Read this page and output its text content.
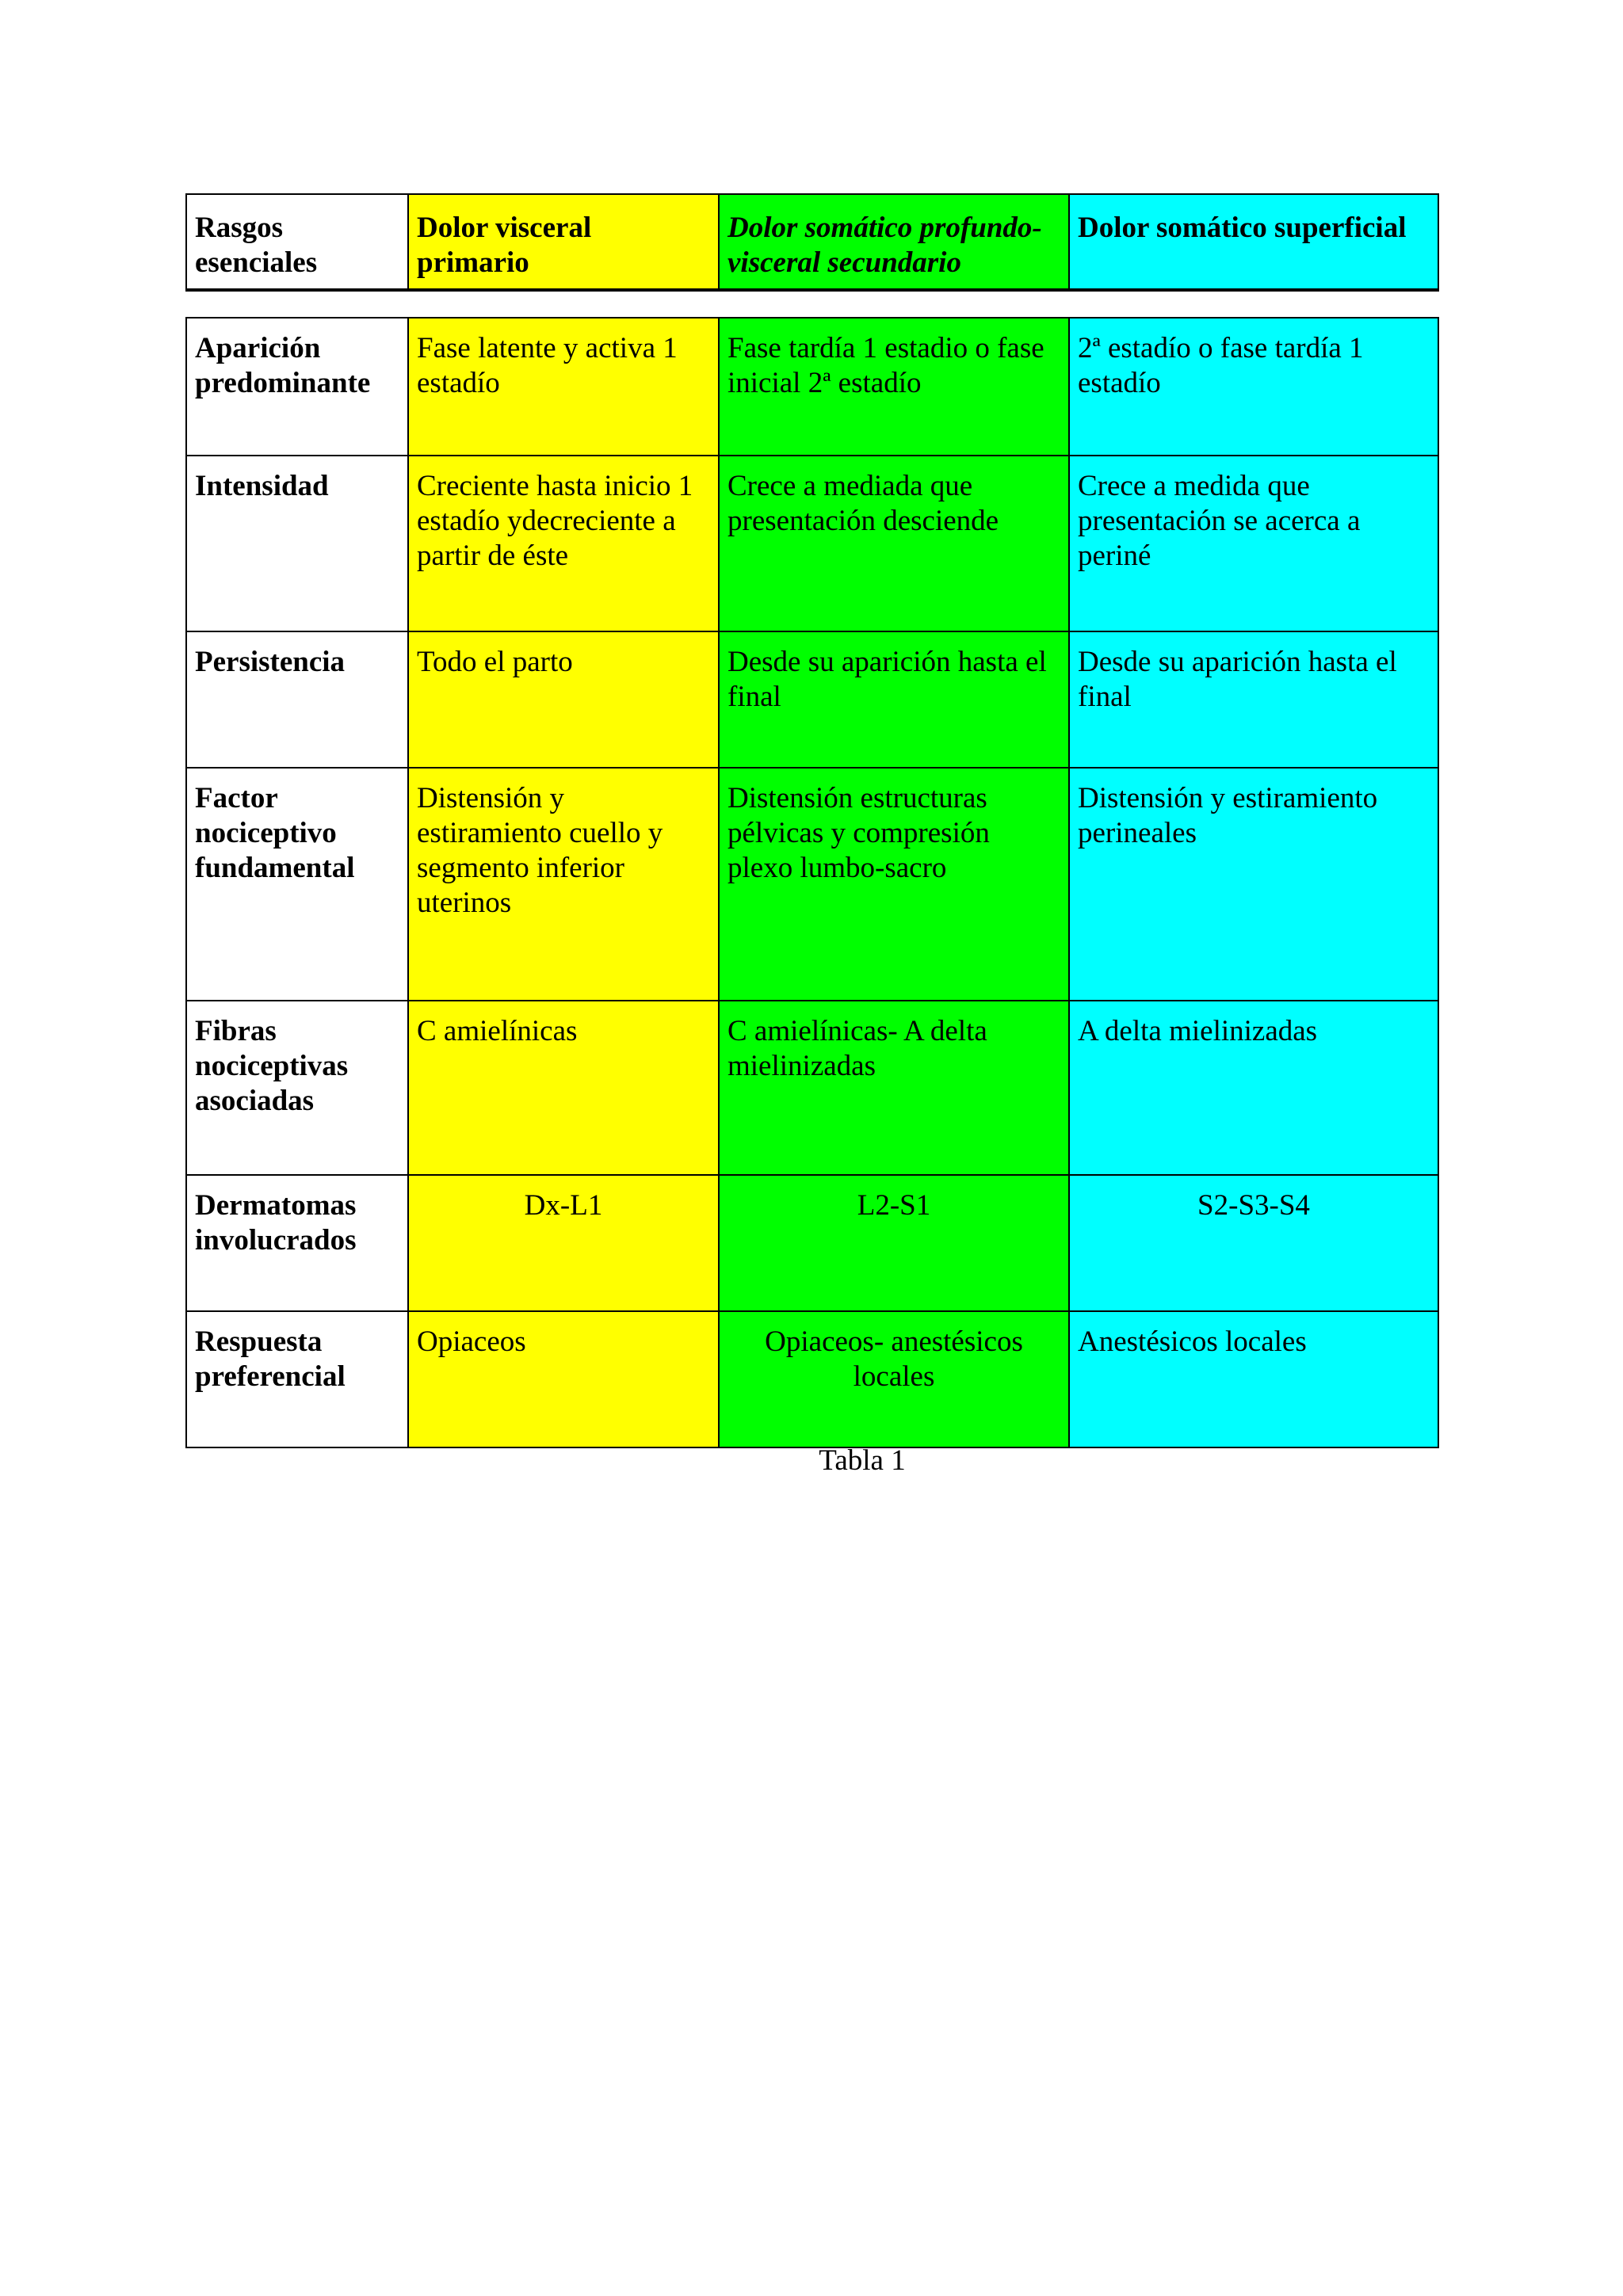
Rasgos esenciales	Dolor visceral primario	Dolor somático profundo-visceral secundario	Dolor somático superficial
Aparición predominante	Fase latente y activa 1 estadío	Fase tardía 1 estadio o fase inicial 2ª estadío	2ª estadío o fase tardía 1 estadío
Intensidad	Creciente hasta inicio 1 estadío ydecreciente a partir de éste	Crece a mediada que presentación desciende	Crece a medida que presentación se acerca a periné
Persistencia	Todo el parto	Desde su aparición hasta el final	Desde su aparición hasta el final
Factor nociceptivo fundamental	Distensión y estiramiento cuello y segmento inferior uterinos	Distensión estructuras pélvicas y compresión plexo lumbo-sacro	Distensión y estiramiento perineales
Fibras nociceptivas asociadas	C amielínicas	C amielínicas- A delta mielinizadas	A delta mielinizadas
Dermatomas involucrados	Dx-L1	L2-S1	S2-S3-S4
Respuesta preferencial	Opiaceos	Opiaceos- anestésicos locales	Anestésicos locales
Tabla 1
